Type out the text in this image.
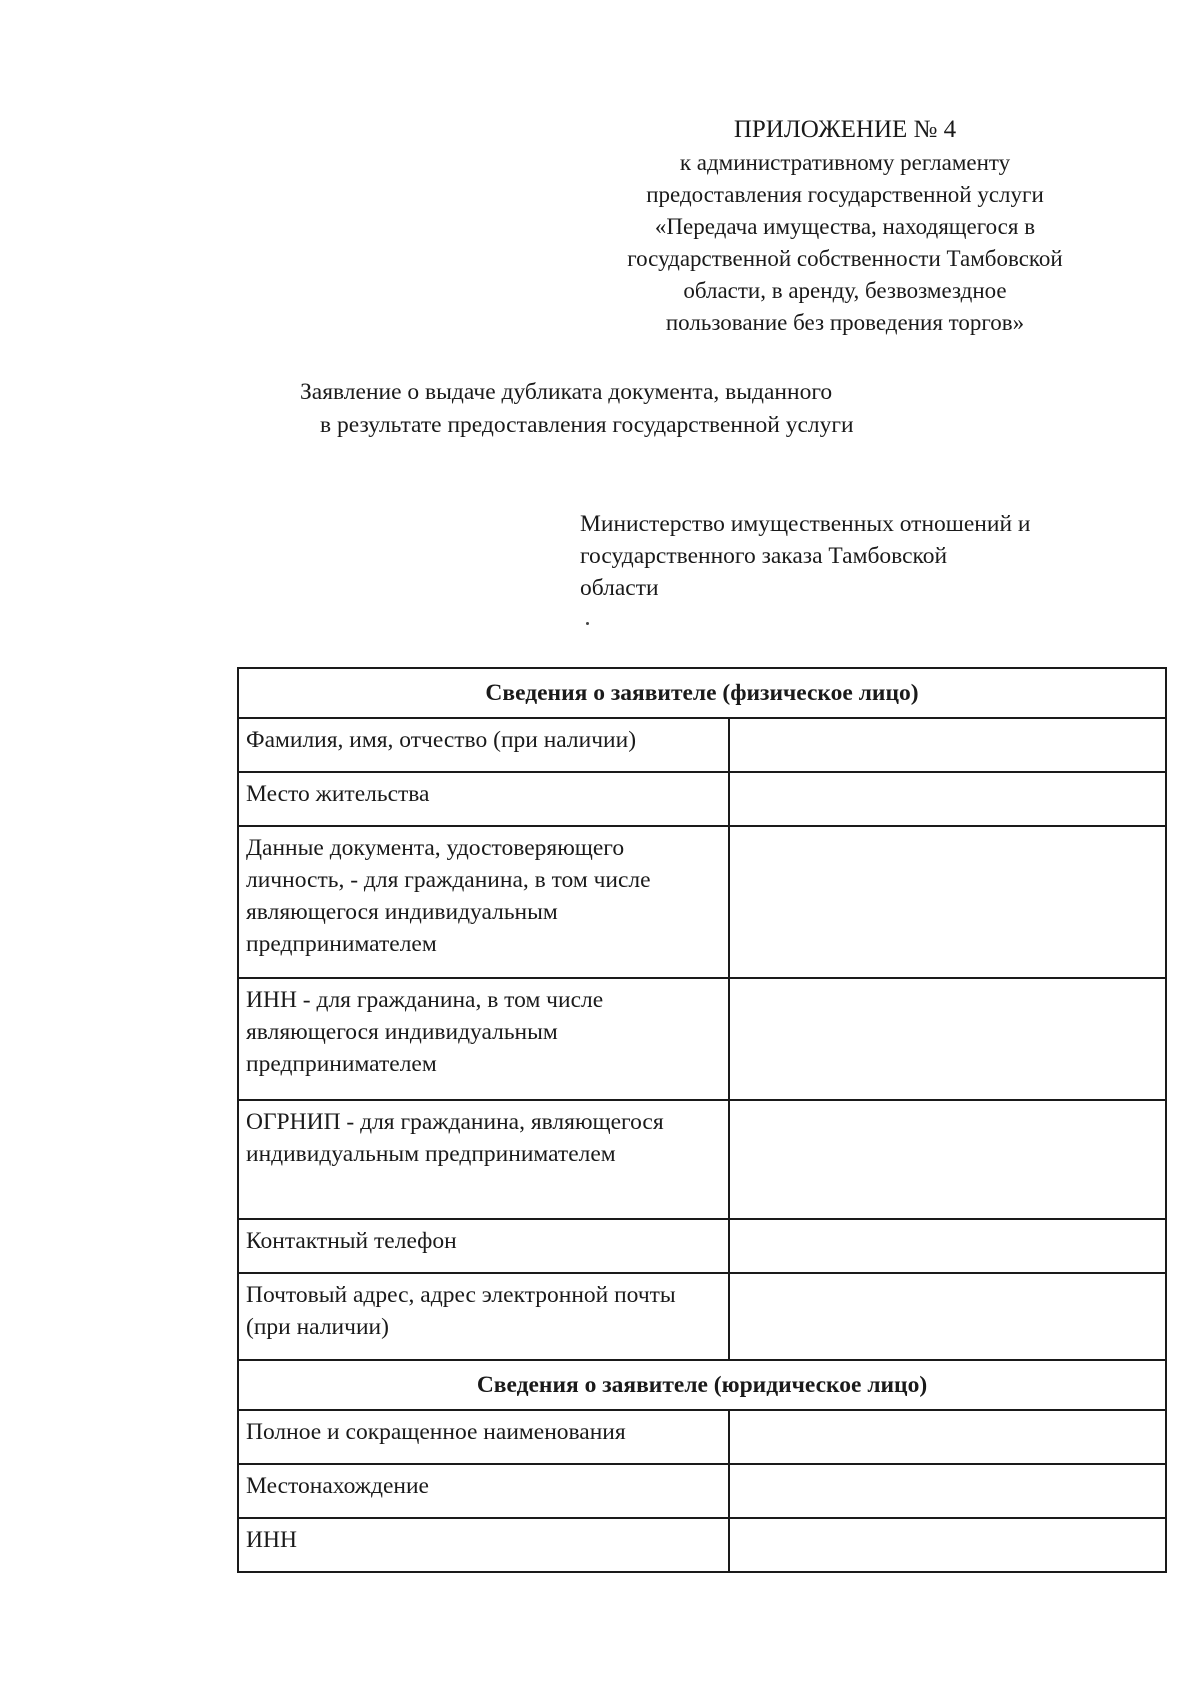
ПРИЛОЖЕНИЕ № 4
к административному регламенту
предоставления государственной услуги
«Передача имущества, находящегося в
государственной собственности Тамбовской
области, в аренду, безвозмездное
пользование без проведения торгов»
Заявление о выдаче дубликата документа, выданного
в результате предоставления государственной услуги
Министерство имущественных отношений и
государственного заказа Тамбовской
области
Сведения о заявителе (физическое лицо)	
Фамилия, имя, отчество (при наличии)	
Место жительства	
Данные документа, удостоверяющего личность, - для гражданина, в том числе являющегося индивидуальным предпринимателем	
ИНН - для гражданина, в том числе являющегося индивидуальным предпринимателем	
ОГРНИП - для гражданина, являющегося индивидуальным предпринимателем	
Контактный телефон	
Почтовый адрес, адрес электронной почты (при наличии)	
Сведения о заявителе (юридическое лицо)	
Полное и сокращенное наименования	
Местонахождение	
ИНН	
